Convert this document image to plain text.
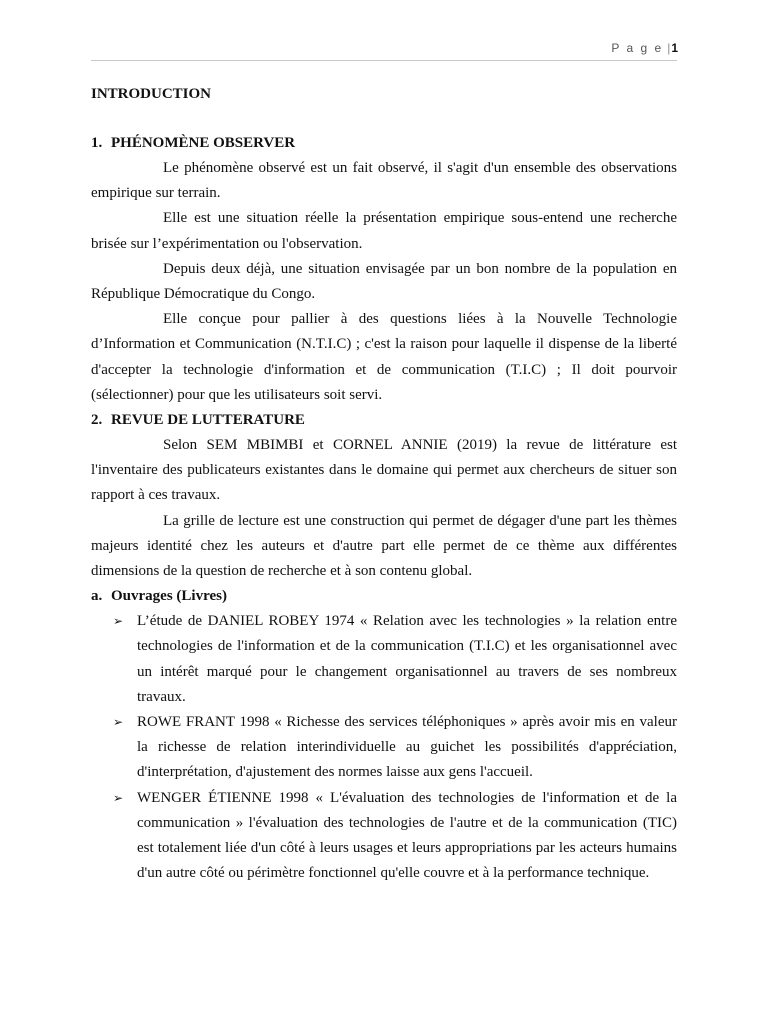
P a g e |1
INTRODUCTION
1. PHÉNOMÈNE OBSERVER

Le phénomène observé est un fait observé, il s'agit d'un ensemble des observations empirique sur terrain.

Elle est une situation réelle la présentation empirique sous-entend une recherche brisée sur l’expérimentation ou l'observation.

Depuis deux déjà, une situation envisagée par un bon nombre de la population en République Démocratique du Congo.

Elle conçue pour pallier à des questions liées à la Nouvelle Technologie d’Information et Communication (N.T.I.C) ; c'est la raison pour laquelle il dispense de la liberté d'accepter la technologie d'information et de communication (T.I.C) ; Il doit pourvoir (sélectionner) pour que les utilisateurs soit servi.

2. REVUE DE LUTTERATURE

Selon SEM MBIMBI et CORNEL ANNIE (2019) la revue de littérature est l'inventaire des publicateurs existantes dans le domaine qui permet aux chercheurs de situer son rapport à ces travaux.

La grille de lecture est une construction qui permet de dégager d'une part les thèmes majeurs identité chez les auteurs et d'autre part elle permet de ce thème aux différentes dimensions de la question de recherche et à son contenu global.

a. Ouvrages (Livres)
➢ L’étude de DANIEL ROBEY 1974 « Relation avec les technologies » la relation entre technologies de l'information et de la communication (T.I.C) et les organisationnel avec un intérêt marqué pour le changement organisationnel au travers de ses nombreux travaux.
➢ ROWE FRANT 1998 « Richesse des services téléphoniques » après avoir mis en valeur la richesse de relation interindividuelle au guichet les possibilités d'appréciation, d'interprétation, d'ajustement des normes laisse aux gens l'accueil.
➢ WENGER ÉTIENNE 1998 « L'évaluation des technologies de l'information et de la communication » l'évaluation des technologies de l'autre et de la communication (TIC) est totalement liée d'un côté à leurs usages et leurs appropriations par les acteurs humains d'un autre côté ou périmètre fonctionnel qu'elle couvre et à la performance technique.
